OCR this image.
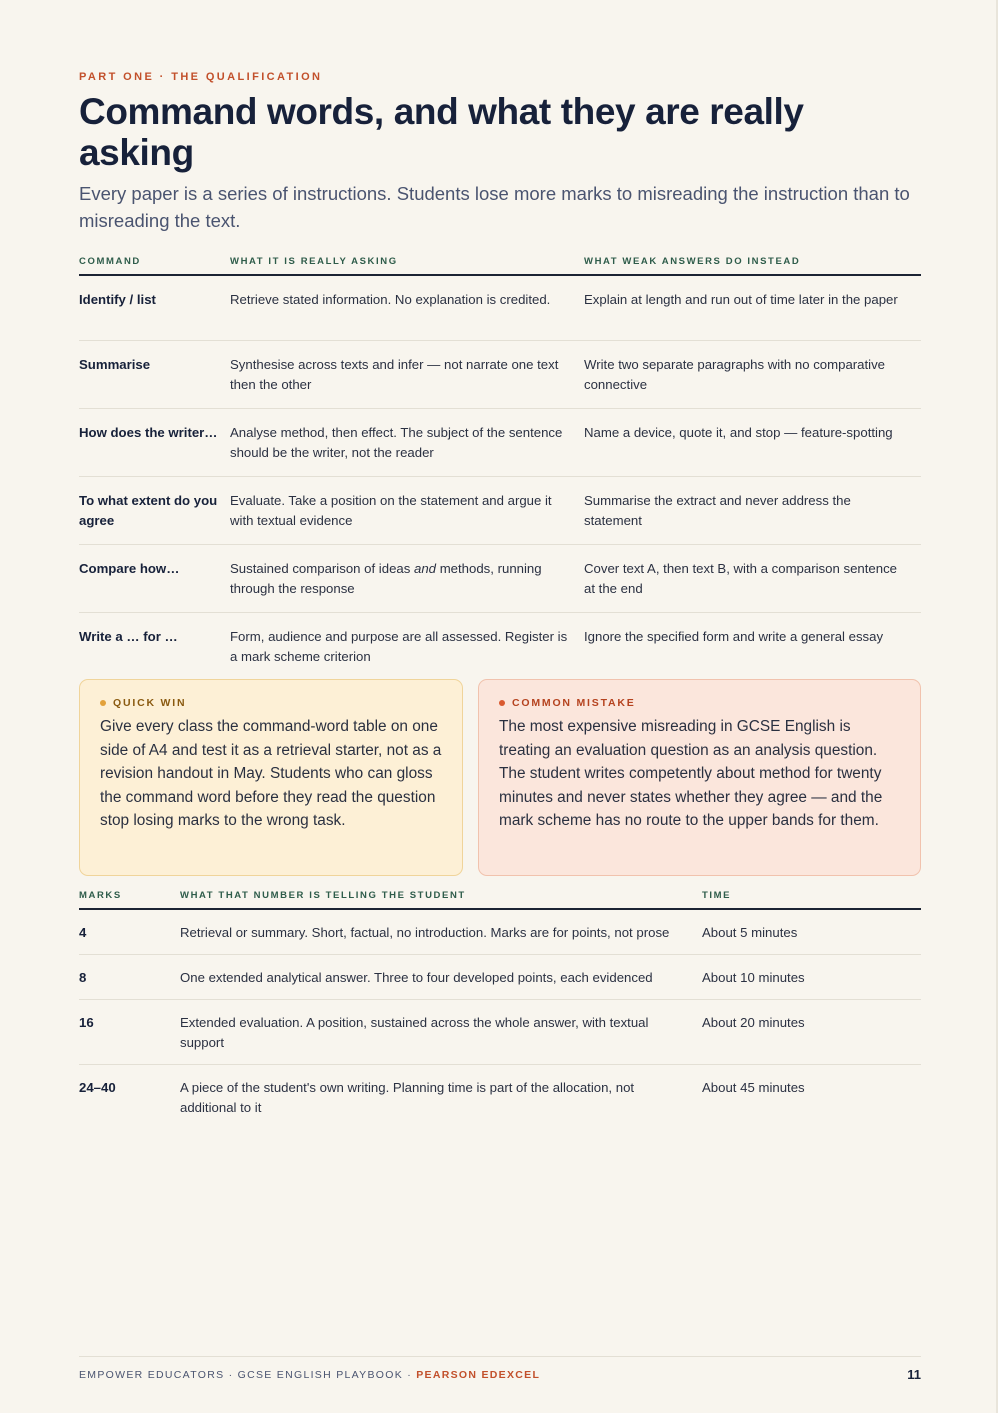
PART ONE · THE QUALIFICATION
Command words, and what they are really asking

Every paper is a series of instructions. Students lose more marks to misreading the instruction than to misreading the text.

COMMAND	WHAT IT IS REALLY ASKING	WHAT WEAK ANSWERS DO INSTEAD
Identify / list	Retrieve stated information. No explanation is credited.	Explain at length and run out of time later in the paper
Summarise	Synthesise across texts and infer — not narrate one text then the other	Write two separate paragraphs with no comparative connective
How does the writer…	Analyse method, then effect. The subject of the sentence should be the writer, not the reader	Name a device, quote it, and stop — feature-spotting
To what extent do you agree	Evaluate. Take a position on the statement and argue it with textual evidence	Summarise the extract and never address the statement
Compare how…	Sustained comparison of ideas and methods, running through the response	Cover text A, then text B, with a comparison sentence at the end
Write a … for …	Form, audience and purpose are all assessed. Register is a mark scheme criterion	Ignore the specified form and write a general essay
QUICK WIN

Give every class the command-word table on one side of A4 and test it as a retrieval starter, not as a revision handout in May. Students who can gloss the command word before they read the question stop losing marks to the wrong task.

COMMON MISTAKE

The most expensive misreading in GCSE English is treating an evaluation question as an analysis question. The student writes competently about method for twenty minutes and never states whether they agree — and the mark scheme has no route to the upper bands for them.

MARKS	WHAT THAT NUMBER IS TELLING THE STUDENT	TIME
4	Retrieval or summary. Short, factual, no introduction. Marks are for points, not prose	About 5 minutes
8	One extended analytical answer. Three to four developed points, each evidenced	About 10 minutes
16	Extended evaluation. A position, sustained across the whole answer, with textual support	About 20 minutes
24–40	A piece of the student's own writing. Planning time is part of the allocation, not additional to it	About 45 minutes
EMPOWER EDUCATORS · GCSE ENGLISH PLAYBOOK · PEARSON EDEXCEL	11
